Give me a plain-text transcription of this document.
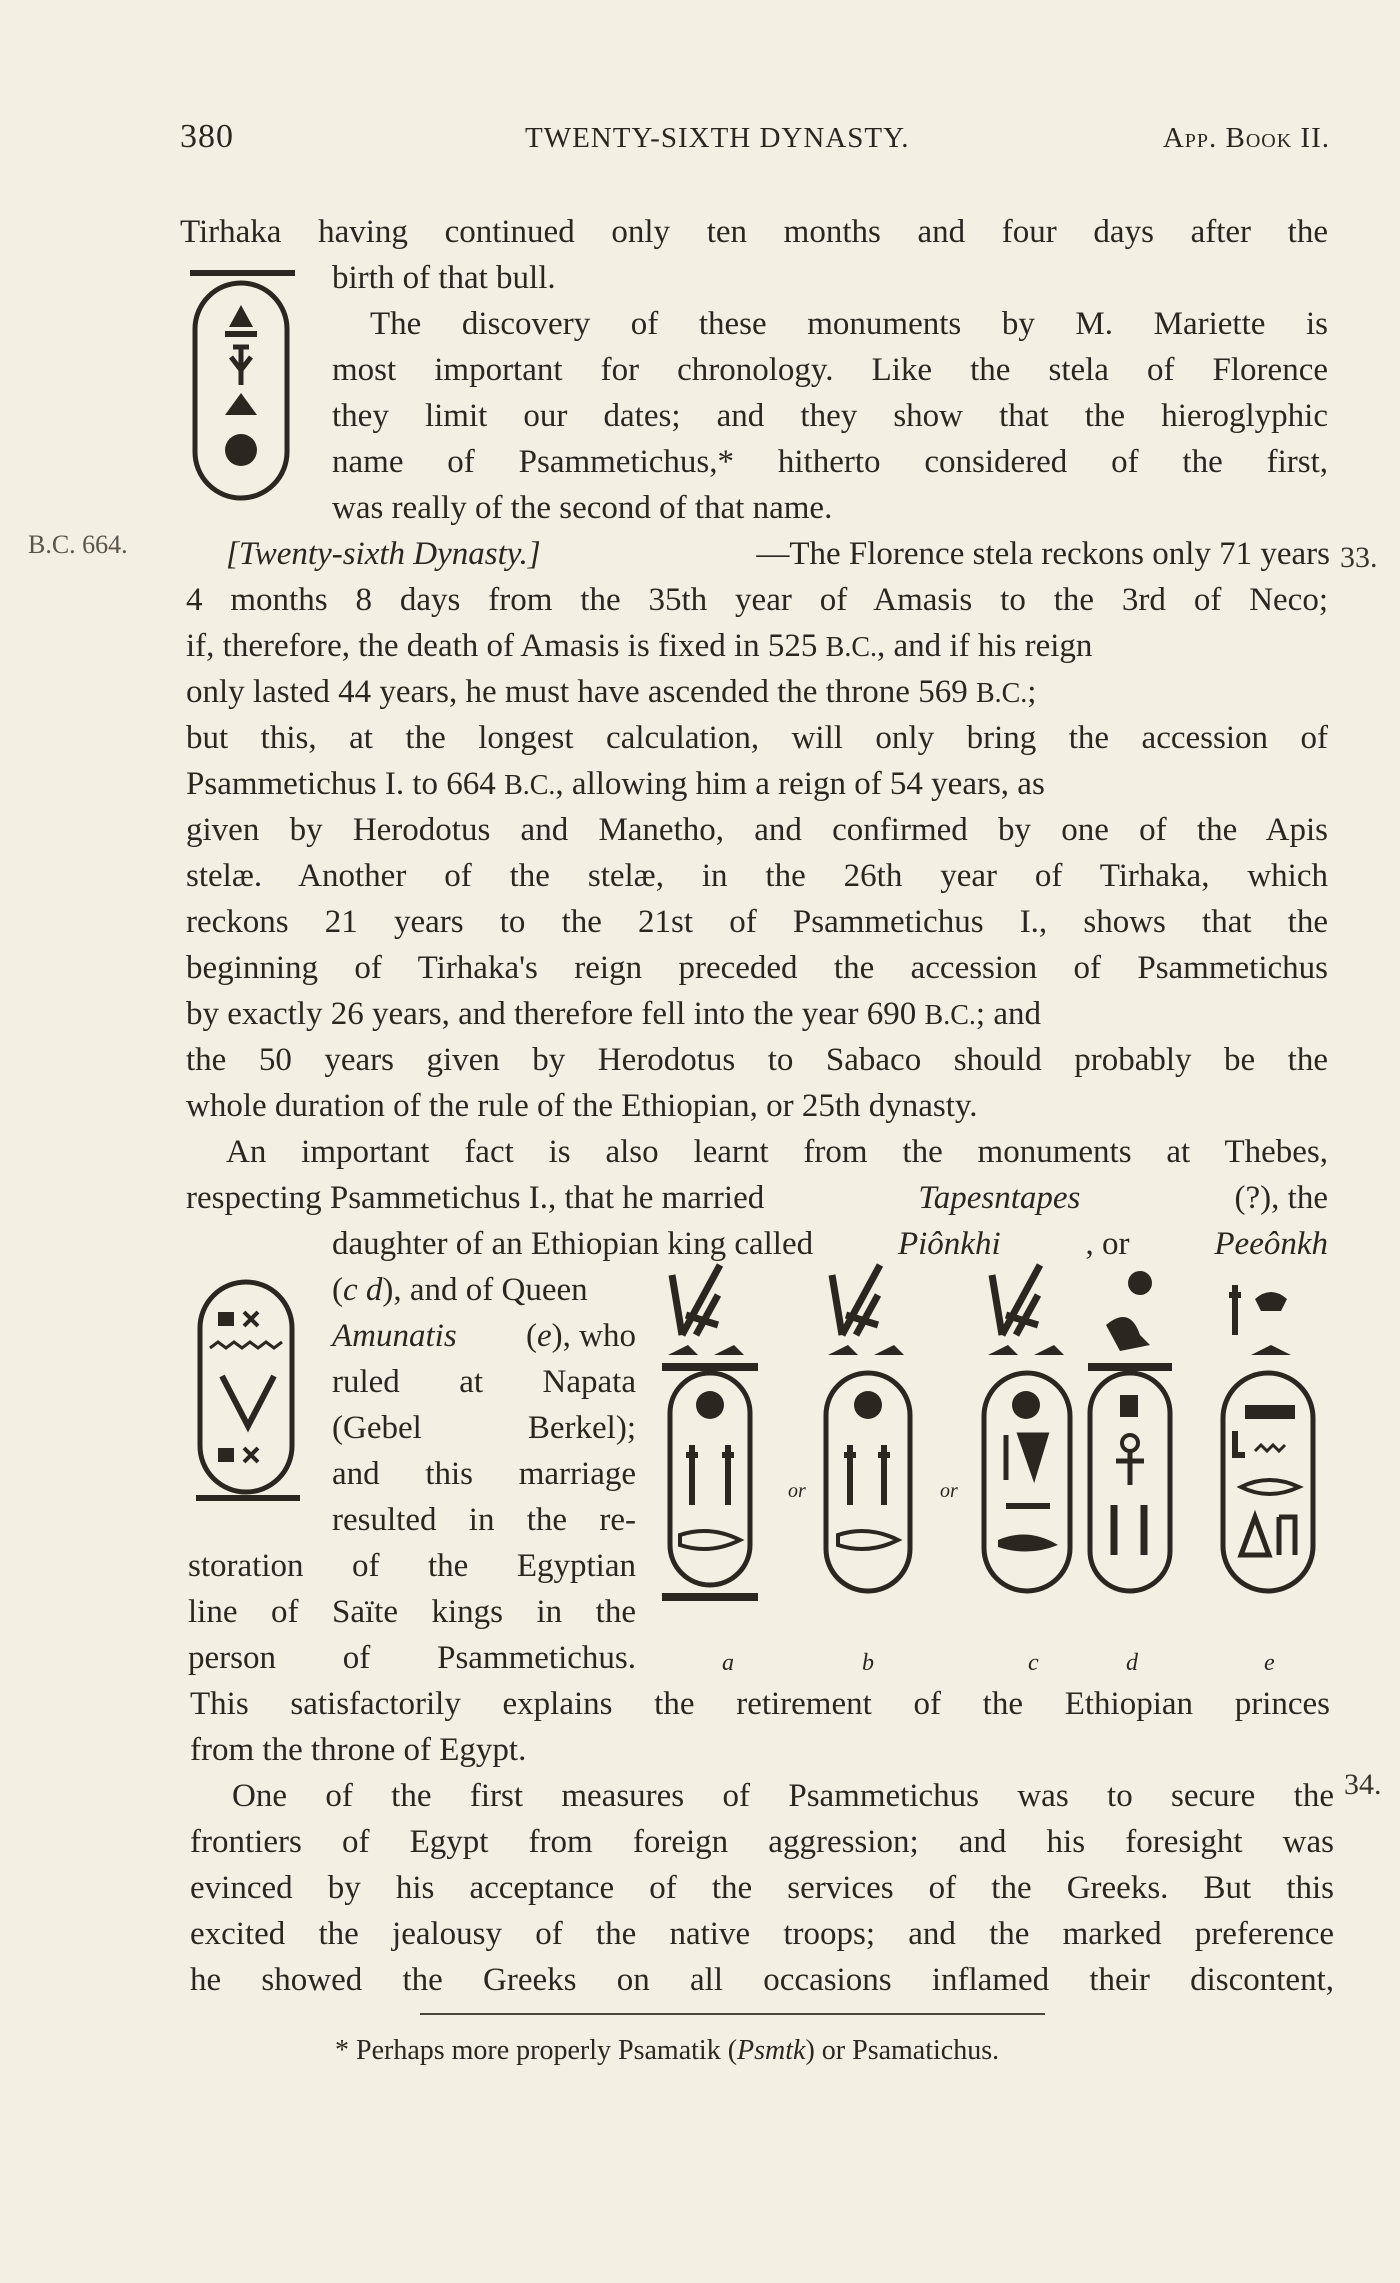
380	TWENTY-SIXTH DYNASTY.	App. Book II.
B.C. 664.	33.
34.
Tirhaka having continued only ten months and four days after the
birth of that bull.
The discovery of these monuments by M. Mariette is
most important for chronology. Like the stela of Florence
they limit our dates; and they show that the hieroglyphic
name of Psammetichus,* hitherto considered of the first,
was really of the second of that name.
[Twenty-sixth Dynasty.]	—The Florence stela reckons only 71 years
4 months 8 days from the 35th year of Amasis to the 3rd of Neco;
if, therefore, the death of Amasis is fixed in 525 B.C., and if his reign
only lasted 44 years, he must have ascended the throne 569 B.C.;
but this, at the longest calculation, will only bring the accession of
Psammetichus I. to 664 B.C., allowing him a reign of 54 years, as
given by Herodotus and Manetho, and confirmed by one of the Apis
stelæ. Another of the stelæ, in the 26th year of Tirhaka, which
reckons 21 years to the 21st of Psammetichus I., shows that the
beginning of Tirhaka's reign preceded the accession of Psammetichus
by exactly 26 years, and therefore fell into the year 690 B.C.; and
the 50 years given by Herodotus to Sabaco should probably be the
whole duration of the rule of the Ethiopian, or 25th dynasty.
An important fact is also learnt from the monuments at Thebes,
respecting Psammetichus I., that he married	Tapesntapes	(?), the
daughter of an Ethiopian king called	Piônkhi	, or	Peeônkh
(c d), and of Queen
Amunatis (e), who
ruled at Napata
(Gebel Berkel);
and this marriage
resulted in the re-
storation of the Egyptian
line of Saïte kings in the
person of Psammetichus.
or	or
a	b	c	d	e
This satisfactorily explains the retirement of the Ethiopian princes
from the throne of Egypt.
One of the first measures of Psammetichus was to secure the
frontiers of Egypt from foreign aggression; and his foresight was
evinced by his acceptance of the services of the Greeks. But this
excited the jealousy of the native troops; and the marked preference
he showed the Greeks on all occasions inflamed their discontent,
* Perhaps more properly Psamatik (Psmtk) or Psamatichus.
